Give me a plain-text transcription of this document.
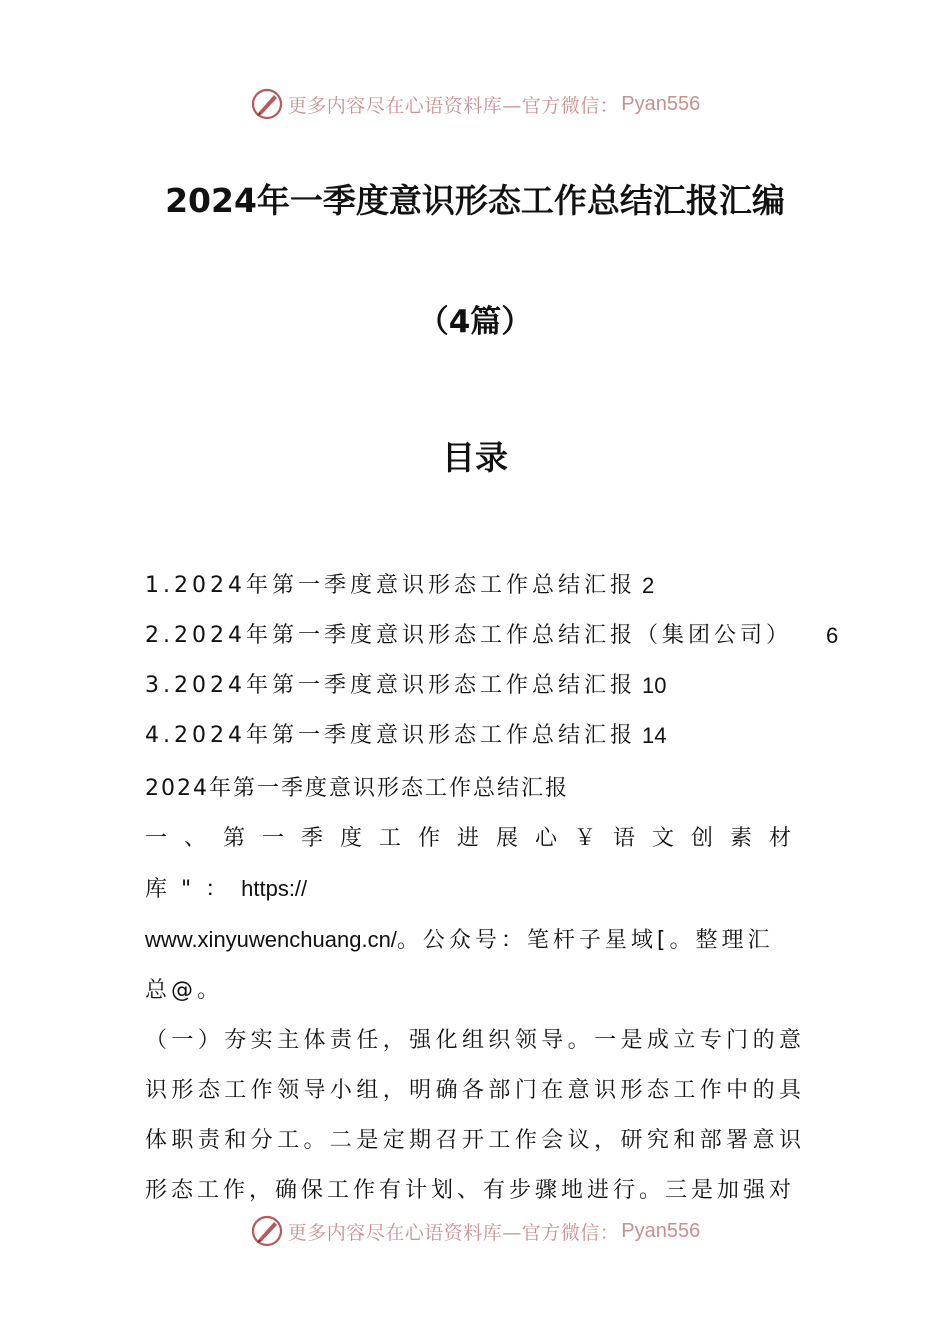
更多内容尽在心语资料库—官方微信： Pyan556
2024年一季度意识形态工作总结汇报汇编
（4篇）
目录
1.2024年第一季度意识形态工作总结汇报 2
2.2024年第一季度意识形态工作总结汇报（集团公司） 6
3.2024年第一季度意识形态工作总结汇报 10
4.2024年第一季度意识形态工作总结汇报 14

2024年第一季度意识形态工作总结汇报

一、第一季度工作进展心￥语文创素材库"：https://

www.xinyuwenchuang.cn/。公众号：笔杆子星域[。整理汇

总@。

（一）夯实主体责任，强化组织领导。一是成立专门的意识形态工作领导小组，明确各部门在意识形态工作中的具体职责和分工。二是定期召开工作会议，研究和部署意识形态工作，确保工作有计划、有步骤地进行。三是加强对

更多内容尽在心语资料库—官方微信： Pyan556
